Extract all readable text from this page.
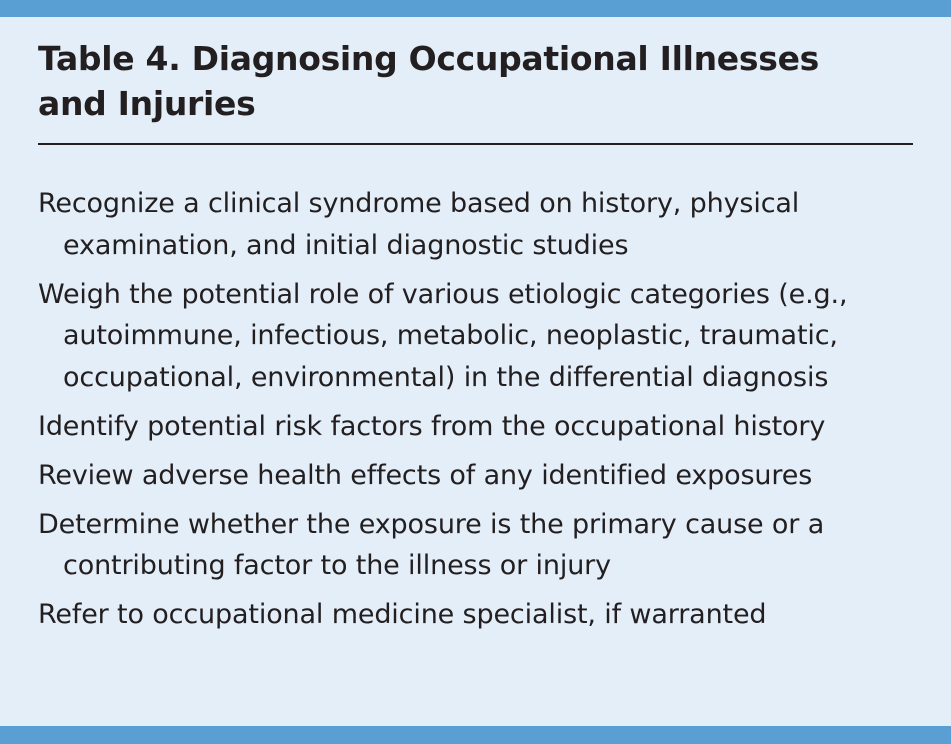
Table 4. Diagnosing Occupational Illnesses
and Injuries
Recognize a clinical syndrome based on history, physical examination, and initial diagnostic studies
Weigh the potential role of various etiologic categories (e.g., autoimmune, infectious, metabolic, neoplastic, traumatic, occupational, environmental) in the differential diagnosis
Identify potential risk factors from the occupational history
Review adverse health effects of any identified exposures
Determine whether the exposure is the primary cause or a contributing factor to the illness or injury
Refer to occupational medicine specialist, if warranted
